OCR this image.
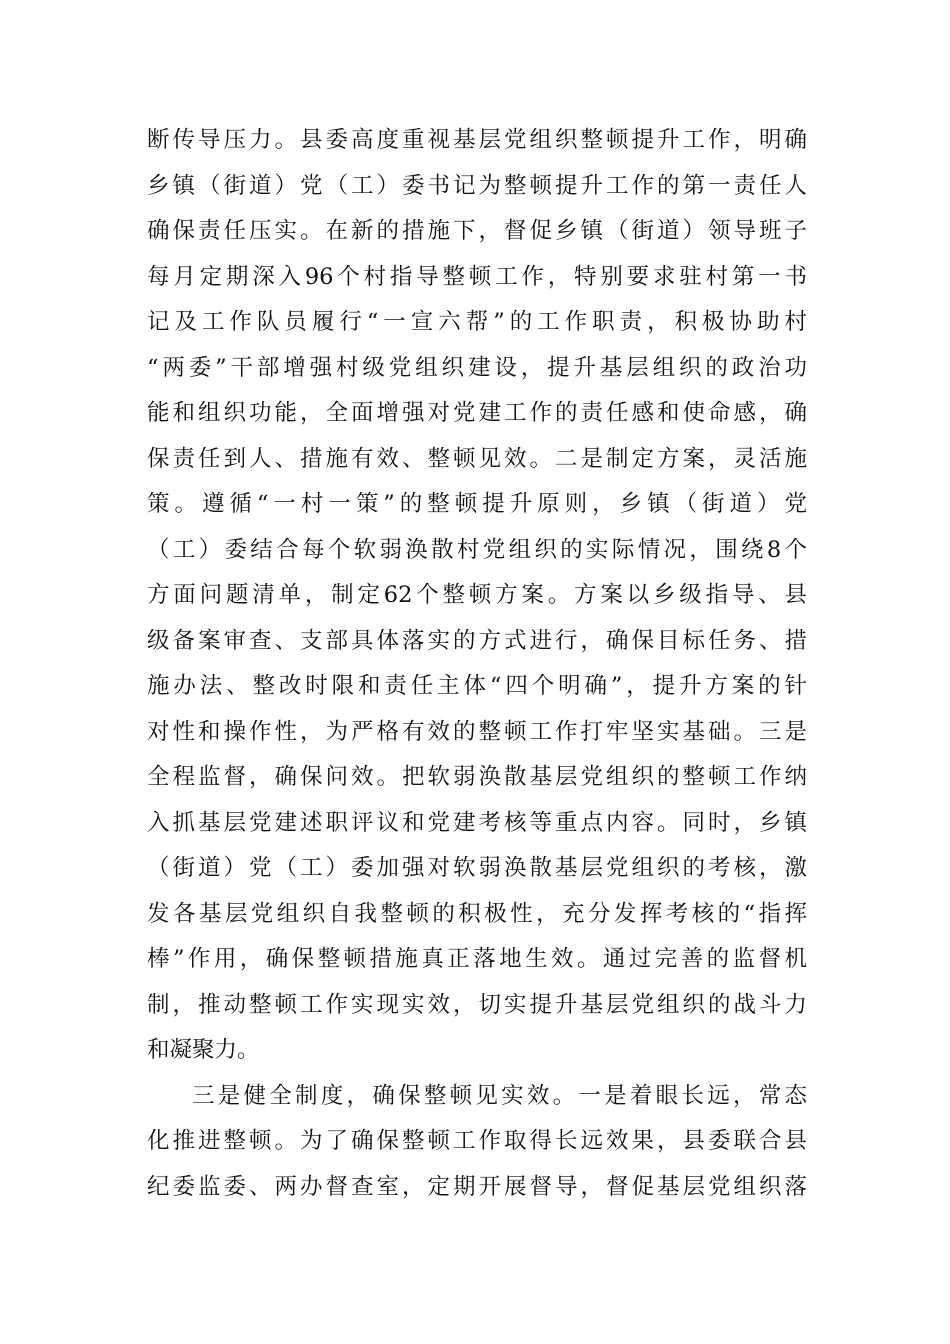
断传导压力。县委高度重视基层党组织整顿提升工作，明确
乡镇（街道）党（工）委书记为整顿提升工作的第一责任人
确保责任压实。在新的措施下，督促乡镇（街道）领导班子
每月定期深入96个村指导整顿工作，特别要求驻村第一书
记及工作队员履行“一宣六帮”的工作职责，积极协助村
“两委”干部增强村级党组织建设，提升基层组织的政治功
能和组织功能，全面增强对党建工作的责任感和使命感，确
保责任到人、措施有效、整顿见效。二是制定方案，灵活施
策。遵循“一村一策”的整顿提升原则，乡镇（街道）党
（工）委结合每个软弱涣散村党组织的实际情况，围绕8个
方面问题清单，制定62个整顿方案。方案以乡级指导、县
级备案审查、支部具体落实的方式进行，确保目标任务、措
施办法、整改时限和责任主体“四个明确”，提升方案的针
对性和操作性，为严格有效的整顿工作打牢坚实基础。三是
全程监督，确保问效。把软弱涣散基层党组织的整顿工作纳
入抓基层党建述职评议和党建考核等重点内容。同时，乡镇
（街道）党（工）委加强对软弱涣散基层党组织的考核，激
发各基层党组织自我整顿的积极性，充分发挥考核的“指挥
棒”作用，确保整顿措施真正落地生效。通过完善的监督机
制，推动整顿工作实现实效，切实提升基层党组织的战斗力
和凝聚力。
三是健全制度，确保整顿见实效。一是着眼长远，常态
化推进整顿。为了确保整顿工作取得长远效果，县委联合县
纪委监委、两办督查室，定期开展督导，督促基层党组织落
